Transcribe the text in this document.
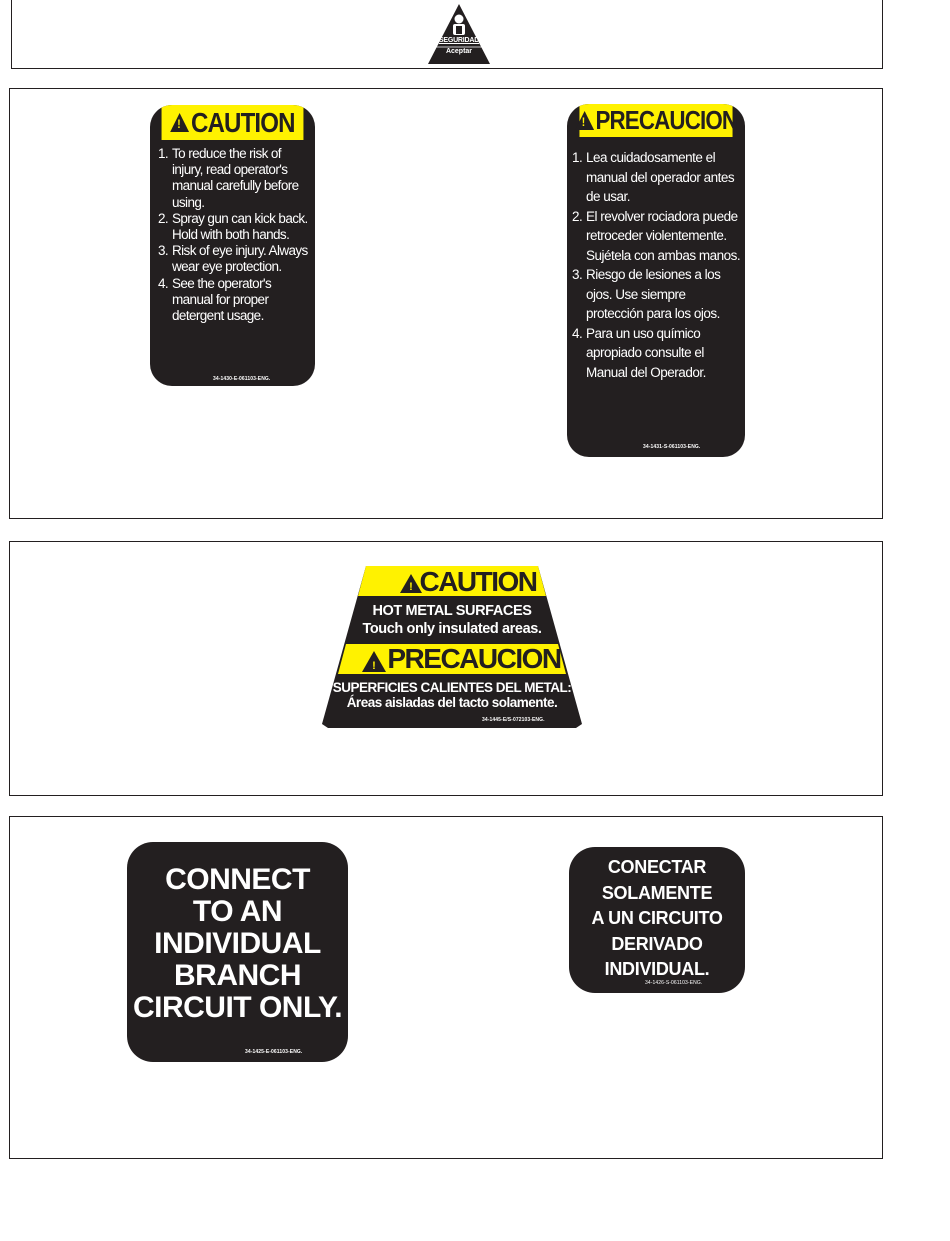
SEGURIDAD
Aceptar
!
CAUTION
1. To reduce the risk of injury, read operator's manual carefully before using.
2. Spray gun can kick back. Hold with both hands.
3. Risk of eye injury. Always wear eye protection.
4. See the operator's manual for proper detergent usage.
34-1430-E-061103-ENG.
!
PRECAUCION
1. Lea cuidadosamente el manual del operador antes de usar.
2. El revolver rociadora puede retroceder violentemente. Sujételа con ambas manos.
3. Riesgo de lesiones a los ojos. Use siempre protección para los ojos.
4. Para un uso químico apropiado consulte el Manual del Operador.
34-1431-S-061103-ENG.
!
!
CAUTION
HOT METAL SURFACES
Touch only insulated areas.
PRECAUCION
SUPERFICIES CALIENTES DEL METAL:
Áreas aisladas del tacto solamente.
34-1445-E/S-072103-ENG.
CONNECT
TO AN
INDIVIDUAL
BRANCH
CIRCUIT ONLY.
34-1425-E-061103-ENG.
CONECTAR
SOLAMENTE
A UN CIRCUITO
DERIVADO
INDIVIDUAL.
34-1426-S-061103-ENG.
